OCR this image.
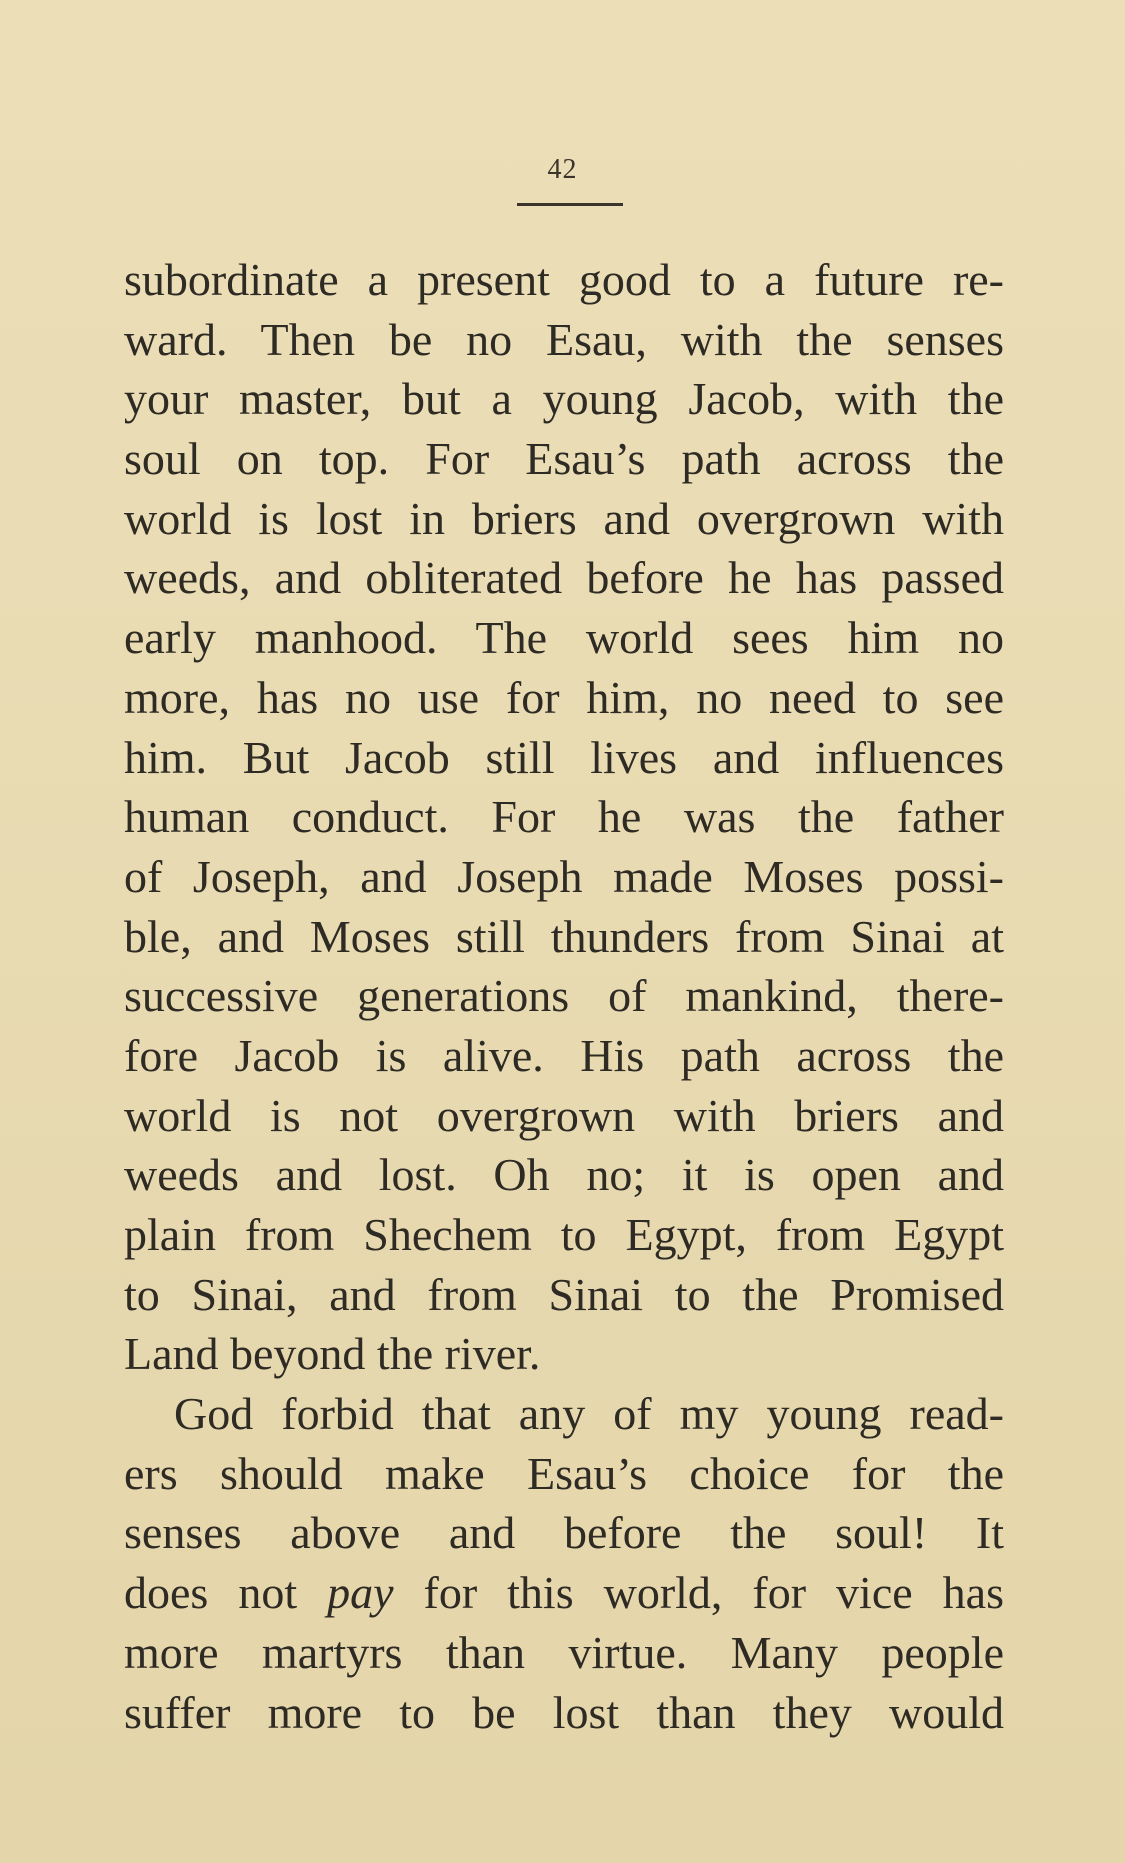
42
subordinate a present good to a future re-
ward. Then be no Esau, with the senses
your master, but a young Jacob, with the
soul on top. For Esau’s path across the
world is lost in briers and overgrown with
weeds, and obliterated before he has passed
early manhood. The world sees him no
more, has no use for him, no need to see
him. But Jacob still lives and influences
human conduct. For he was the father
of Joseph, and Joseph made Moses possi-
ble, and Moses still thunders from Sinai at
successive generations of mankind, there-
fore Jacob is alive. His path across the
world is not overgrown with briers and
weeds and lost. Oh no; it is open and
plain from Shechem to Egypt, from Egypt
to Sinai, and from Sinai to the Promised
Land beyond the river.
God forbid that any of my young read-
ers should make Esau’s choice for the
senses above and before the soul! It
does not pay for this world, for vice has
more martyrs than virtue. Many people
suffer more to be lost than they would
